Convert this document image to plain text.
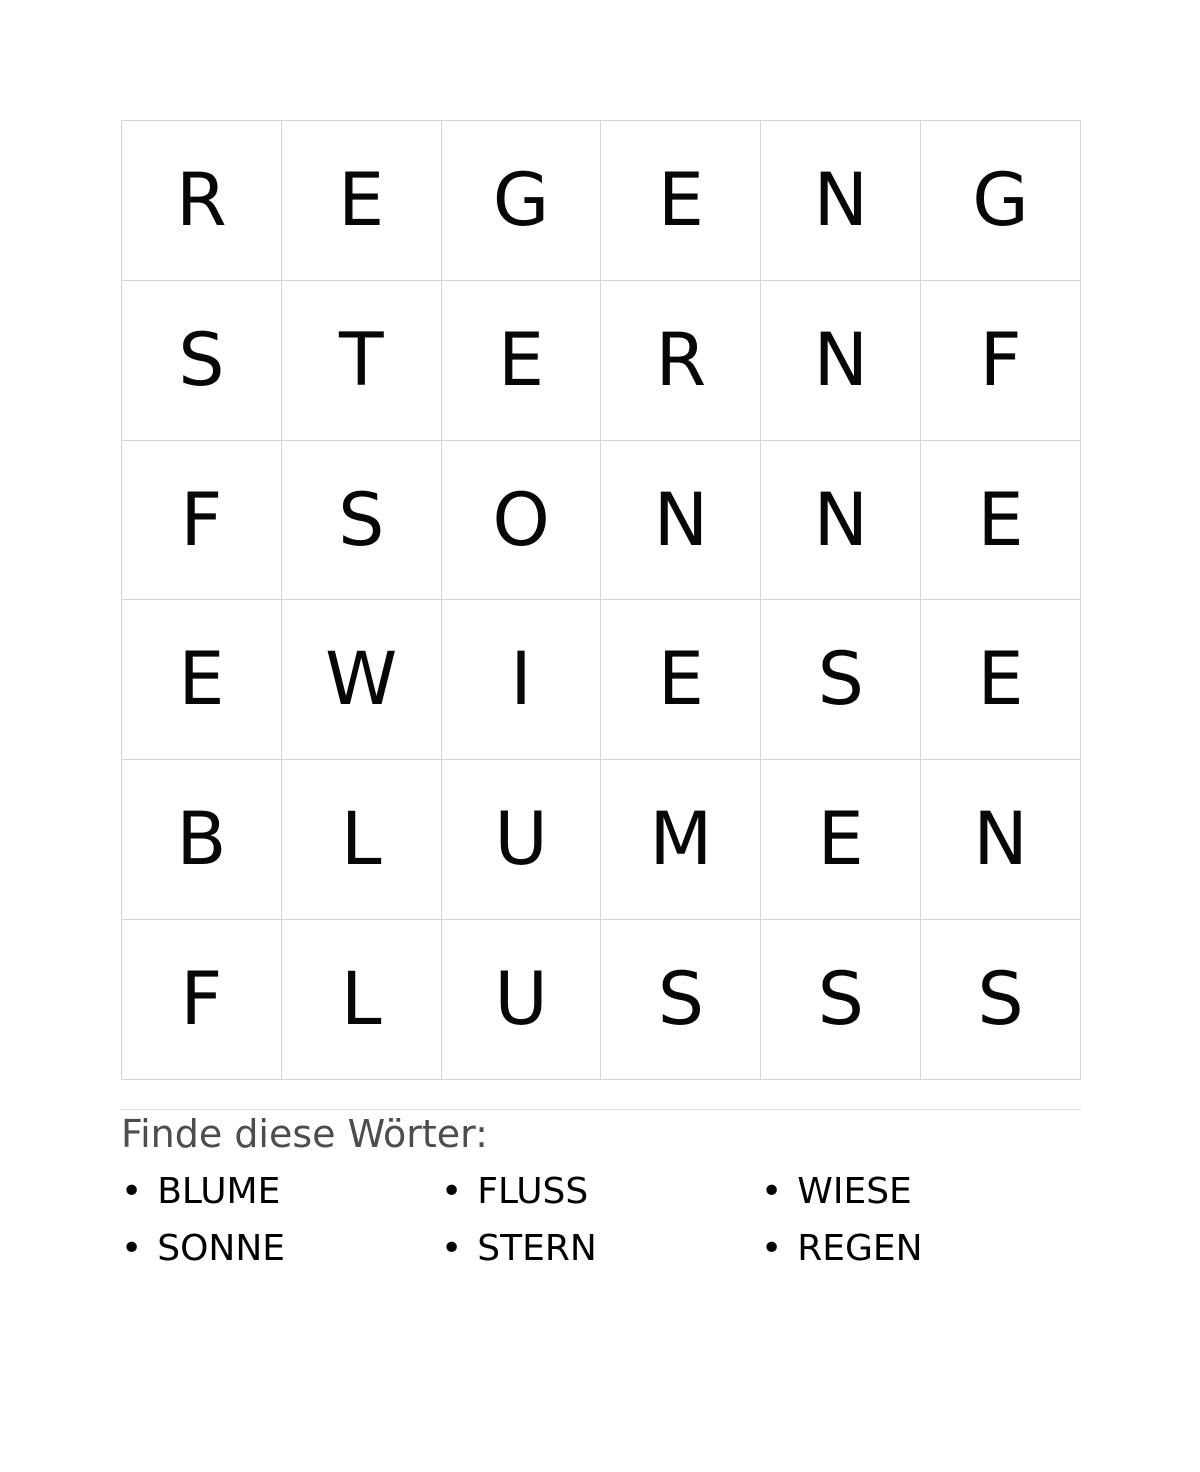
R	E	G	E	N	G
S	T	E	R	N	F
F	S	O	N	N	E
E	W	I	E	S	E
B	L	U	M	E	N
F	L	U	S	S	S
Finde diese Wörter:
• BLUME	• FLUSS	• WIESE
• SONNE	• STERN	• REGEN
